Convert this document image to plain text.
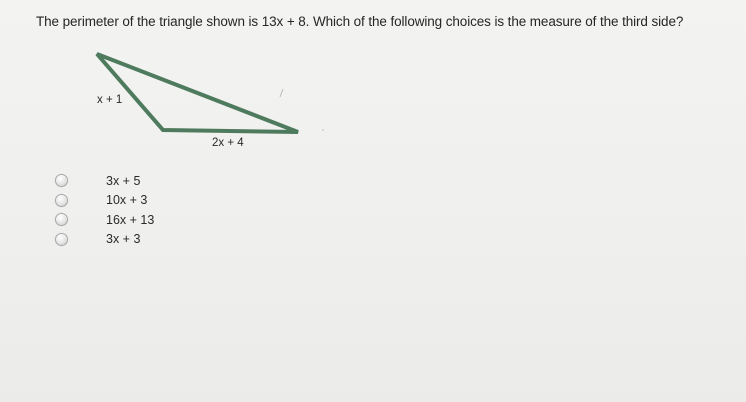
The perimeter of the triangle shown is 13x + 8. Which of the following choices is the measure of the third side?
x + 1
2x + 4
3x + 5
10x + 3
16x + 13
3x + 3
